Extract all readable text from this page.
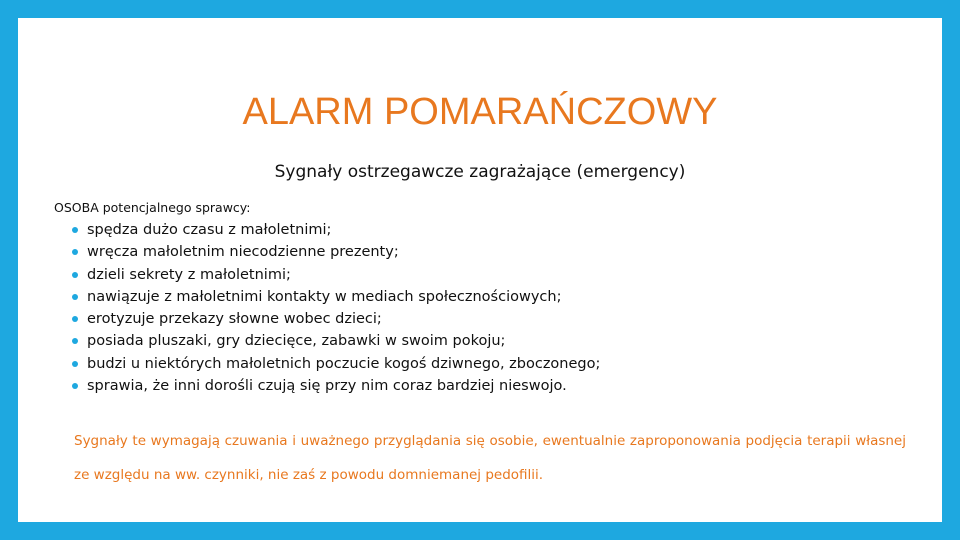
ALARM POMARAŃCZOWY
Sygnały ostrzegawcze zagrażające (emergency)
OSOBA potencjalnego sprawcy:
spędza dużo czasu z małoletnimi;
wręcza małoletnim niecodzienne prezenty;
dzieli sekrety z małoletnimi;
nawiązuje z małoletnimi kontakty w mediach społecznościowych;
erotyzuje przekazy słowne wobec dzieci;
posiada pluszaki, gry dziecięce, zabawki w swoim pokoju;
budzi u niektórych małoletnich poczucie kogoś dziwnego, zboczonego;
sprawia, że inni dorośli czują się przy nim coraz bardziej nieswojo.
Sygnały te wymagają czuwania i uważnego przyglądania się osobie, ewentualnie zaproponowania podjęcia terapii własnej ze względu na ww. czynniki, nie zaś z powodu domniemanej pedofilii.
